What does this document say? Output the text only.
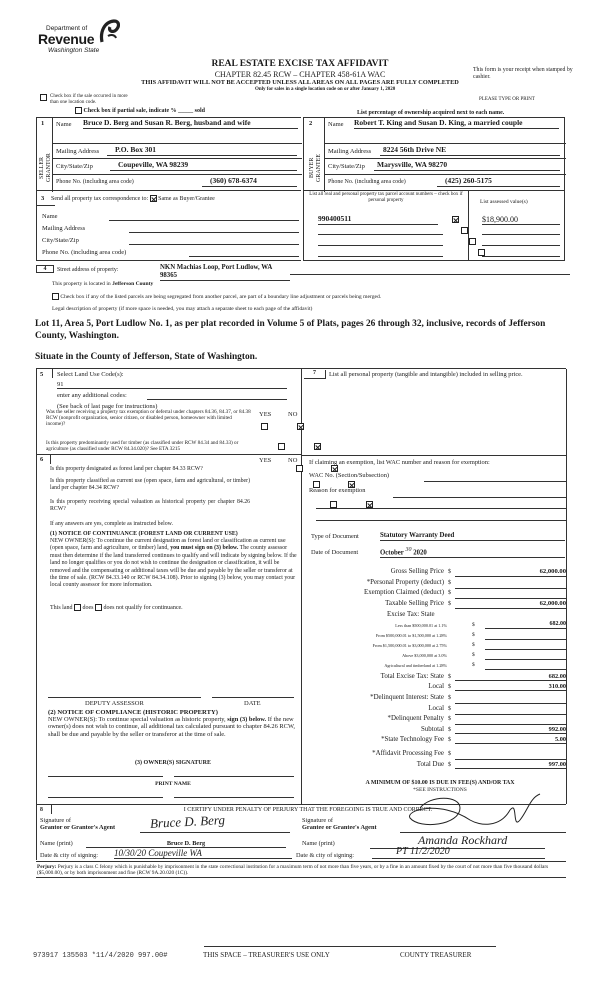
Department of
Revenue
Washington State
REAL ESTATE EXCISE TAX AFFIDAVIT
CHAPTER 82.45 RCW – CHAPTER 458-61A WAC
THIS AFFIDAVIT WILL NOT BE ACCEPTED UNLESS ALL AREAS ON ALL PAGES ARE FULLY COMPLETED
Only for sales in a single location code on or after January 1, 2020
This form is your receipt when stamped by cashier.
PLEASE TYPE OR PRINT
Check box if the sale occurred in more than one location code.
Check box if partial sale, indicate % _____ sold	List percentage of ownership acquired next to each name.
1
SELLER GRANTOR
Name Bruce D. Berg and Susan R. Berg, husband and wife
Mailing Address	P.O. Box 301
City/State/Zip	Coupeville, WA 98239
Phone No. (including area code)	(360) 678-6374
2
BUYER GRANTEE
Name Robert T. King and Susan D. King, a married couple
Mailing Address	8224 56th Drive NE
City/State/Zip	Marysville, WA 98270
Phone No. (including area code)	(425) 260-5175
3 Send all property tax correspondence to: Same as Buyer/Grantee
Name
Mailing Address
City/State/Zip
Phone No. (including area code)
List all real and personal property tax parcel account numbers – check box if personal property	List assessed value(s)
990400511
	$18,900.00

4	Street address of property:	NKN Machias Loop, Port Ludlow, WA 98365
This property is located in Jefferson County
Check box if any of the listed parcels are being segregated from another parcel, are part of a boundary line adjustment or parcels being merged.
Legal description of property (if more space is needed, you may attach a separate sheet to each page of the affidavit)
Lot 11, Area 5, Port Ludlow No. 1, as per plat recorded in Volume 5 of Plats, pages 26 through 32, inclusive, records of Jefferson County, Washington.
Situate in the County of Jefferson, State of Washington.
5 Select Land Use Code(s):
91
enter any additional codes:
(See back of last page for instructions)
YES	NO
Was the seller receiving a property tax exemption or deferral under chapters 84.36, 84.37, or 84.38 RCW (nonprofit organization, senior citizen, or disabled person, homeowner with limited income)?

Is this property predominantly used for timber (as classified under RCW 84.34 and 84.33) or agriculture (as classified under RCW 84.34.020)? See ETA 3215

6	YES	NO
Is this property designated as forest land per chapter 84.33 RCW?

Is this property classified as current use (open space, farm and agricultural, or timber) land per chapter 84.34 RCW?

Is this property receiving special valuation as historical property per chapter 84.26 RCW?

If any answers are yes, complete as instructed below.
(1) NOTICE OF CONTINUANCE (FOREST LAND OR CURRENT USE)
NEW OWNER(S): To continue the current designation as forest land or classification as current use (open space, farm and agriculture, or timber) land, you must sign on (3) below. The county assessor must then determine if the land transferred continues to qualify and will indicate by signing below. If the land no longer qualifies or you do not wish to continue the designation or classification, it will be removed and the compensating or additional taxes will be due and payable by the seller or transferor at the time of sale. (RCW 84.33.140 or RCW 84.34.108). Prior to signing (3) below, you may contact your local county assessor for more information.
This land does does not qualify for continuance.
DEPUTY ASSESSOR	DATE
(2) NOTICE OF COMPLIANCE (HISTORIC PROPERTY)
NEW OWNER(S): To continue special valuation as historic property, sign (3) below. If the new owner(s) does not wish to continue, all additional tax calculated pursuant to chapter 84.26 RCW, shall be due and payable by the seller or transferor at the time of sale.
(3) OWNER(S) SIGNATURE
PRINT NAME
7	List all personal property (tangible and intangible) included in selling price.
If claiming an exemption, list WAC number and reason for exemption:
WAC No. (Section/Subsection)
Reason for exemption
Type of Document	Statutory Warranty Deed
Date of Document	October $^{30}$ 2020
Gross Selling Price $	62,000.00
*Personal Property (deduct) $
Exemption Claimed (deduct) $
Taxable Selling Price $	62,000.00
Excise Tax: State
Less than $500,000.01 at 1.1%	$	682.00
From $500,000.01 to $1,500,000 at 1.28%	$
From $1,500,000.01 to $3,000,000 at 2.75%	$
Above $3,000,000 at 3.0%	$
Agricultural and timberland at 1.28%	$
Total Excise Tax: State $	682.00
Local $	310.00
*Delinquent Interest: State $
Local $
*Delinquent Penalty $
Subtotal $	992.00
*State Technology Fee $	5.00
*Affidavit Processing Fee $
Total Due $	997.00
A MINIMUM OF $10.00 IS DUE IN FEE(S) AND/OR TAX
*SEE INSTRUCTIONS
8	I CERTIFY UNDER PENALTY OF PERJURY THAT THE FOREGOING IS TRUE AND CORRECT.
Signature of
Grantor or Grantor's Agent	Bruce D. Berg
Name (print)	Bruce D. Berg
Date & city of signing: 10/30/20 Coupeville WA
Signature of
Grantee or Grantee's Agent
Name (print)	Amanda Rockhard
Date & city of signing:	PT 11/2/2020
Perjury: Perjury is a class C felony which is punishable by imprisonment in the state correctional institution for a maximum term of not more than five years, or by a fine in an amount fixed by the court of not more than five thousand dollars ($5,000.00), or by both imprisonment and fine (RCW 9A.20.020 (1C)).
973917 135503 *11/4/2020 997.00#	THIS SPACE – TREASURER'S USE ONLY	COUNTY TREASURER
